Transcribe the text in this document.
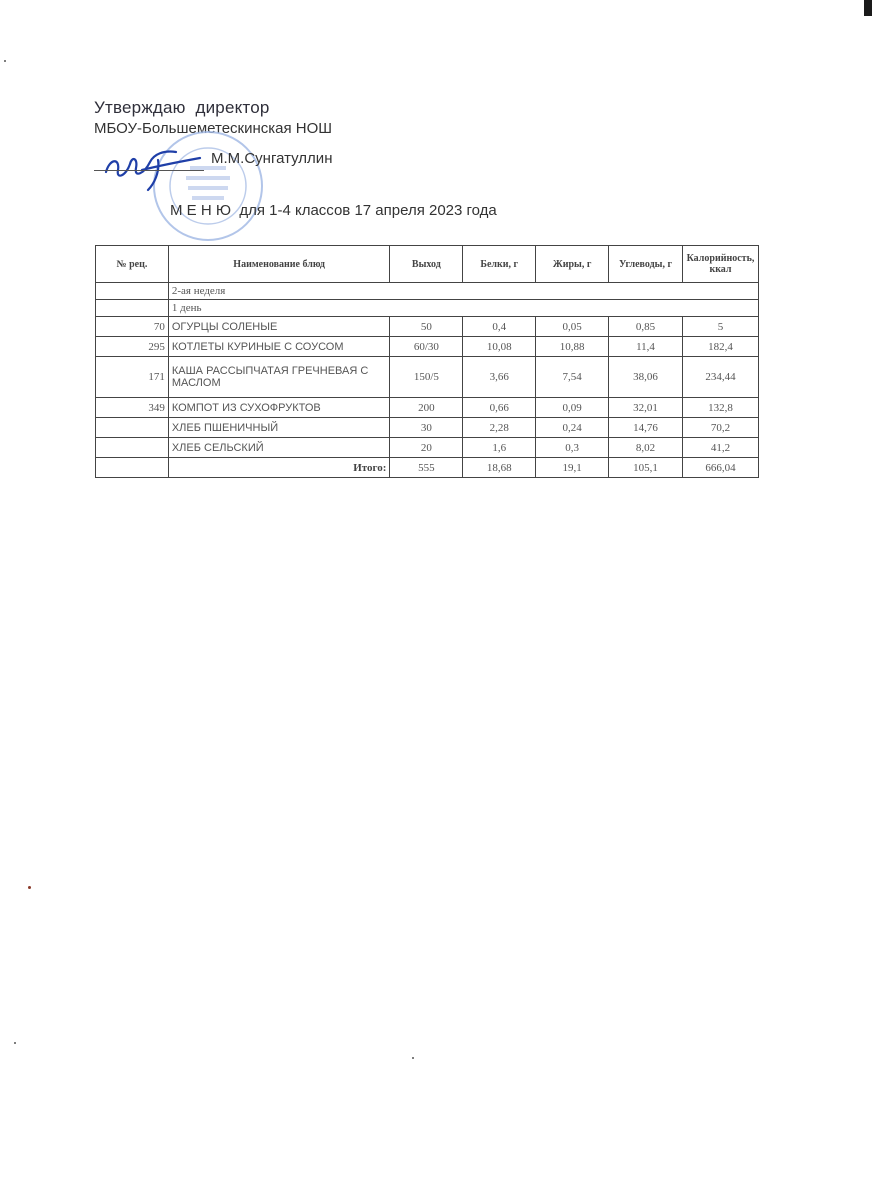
Утверждаю  директор
МБОУ-Большеметескинская НОШ
М.М.Сунгатуллин
М Е Н Ю  для 1-4 классов 17 апреля 2023 года
№ рец.	Наименование блюд	Выход	Белки, г	Жиры, г	Углеводы, г	Калорийность, ккал
	2-ая неделя					
	1 день					
70	ОГУРЦЫ СОЛЕНЫЕ	50	0,4	0,05	0,85	5
295	КОТЛЕТЫ КУРИНЫЕ С СОУСОМ	60/30	10,08	10,88	11,4	182,4
171	КАША РАССЫПЧАТАЯ ГРЕЧНЕВАЯ С МАСЛОМ	150/5	3,66	7,54	38,06	234,44
349	КОМПОТ ИЗ СУХОФРУКТОВ	200	0,66	0,09	32,01	132,8
	ХЛЕБ ПШЕНИЧНЫЙ	30	2,28	0,24	14,76	70,2
	ХЛЕБ СЕЛЬСКИЙ	20	1,6	0,3	8,02	41,2
	Итого:	555	18,68	19,1	105,1	666,04
